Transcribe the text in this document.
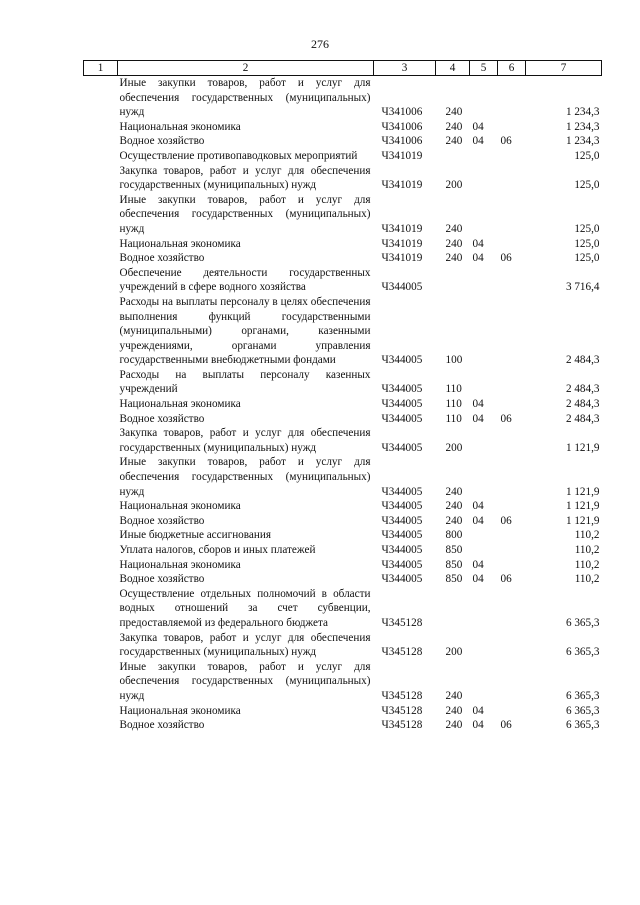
276
1	2	3	4	5	6	7
	Иные закупки товаров, работ и услуг для обеспечения государственных (муниципальных) нужд	Ч341006	240			1 234,3
	Национальная экономика	Ч341006	240	04		1 234,3
	Водное хозяйство	Ч341006	240	04	06	1 234,3
	Осуществление противопаводковых мероприятий	Ч341019				125,0
	Закупка товаров, работ и услуг для обеспечения государственных (муниципальных) нужд	Ч341019	200			125,0
	Иные закупки товаров, работ и услуг для обеспечения государственных (муниципальных) нужд	Ч341019	240			125,0
	Национальная экономика	Ч341019	240	04		125,0
	Водное хозяйство	Ч341019	240	04	06	125,0
	Обеспечение деятельности государственных учреждений в сфере водного хозяйства	Ч344005				3 716,4
	Расходы на выплаты персоналу в целях обеспечения выполнения функций государственными (муниципальными) органами, казенными учреждениями, органами управления государственными внебюджетными фондами	Ч344005	100			2 484,3
	Расходы на выплаты персоналу казенных учреждений	Ч344005	110			2 484,3
	Национальная экономика	Ч344005	110	04		2 484,3
	Водное хозяйство	Ч344005	110	04	06	2 484,3
	Закупка товаров, работ и услуг для обеспечения государственных (муниципальных) нужд	Ч344005	200			1 121,9
	Иные закупки товаров, работ и услуг для обеспечения государственных (муниципальных) нужд	Ч344005	240			1 121,9
	Национальная экономика	Ч344005	240	04		1 121,9
	Водное хозяйство	Ч344005	240	04	06	1 121,9
	Иные бюджетные ассигнования	Ч344005	800			110,2
	Уплата налогов, сборов и иных платежей	Ч344005	850			110,2
	Национальная экономика	Ч344005	850	04		110,2
	Водное хозяйство	Ч344005	850	04	06	110,2
	Осуществление отдельных полномочий в области водных отношений за счет субвенции, предоставляемой из федерального бюджета	Ч345128				6 365,3
	Закупка товаров, работ и услуг для обеспечения государственных (муниципальных) нужд	Ч345128	200			6 365,3
	Иные закупки товаров, работ и услуг для обеспечения государственных (муниципальных) нужд	Ч345128	240			6 365,3
	Национальная экономика	Ч345128	240	04		6 365,3
	Водное хозяйство	Ч345128	240	04	06	6 365,3
